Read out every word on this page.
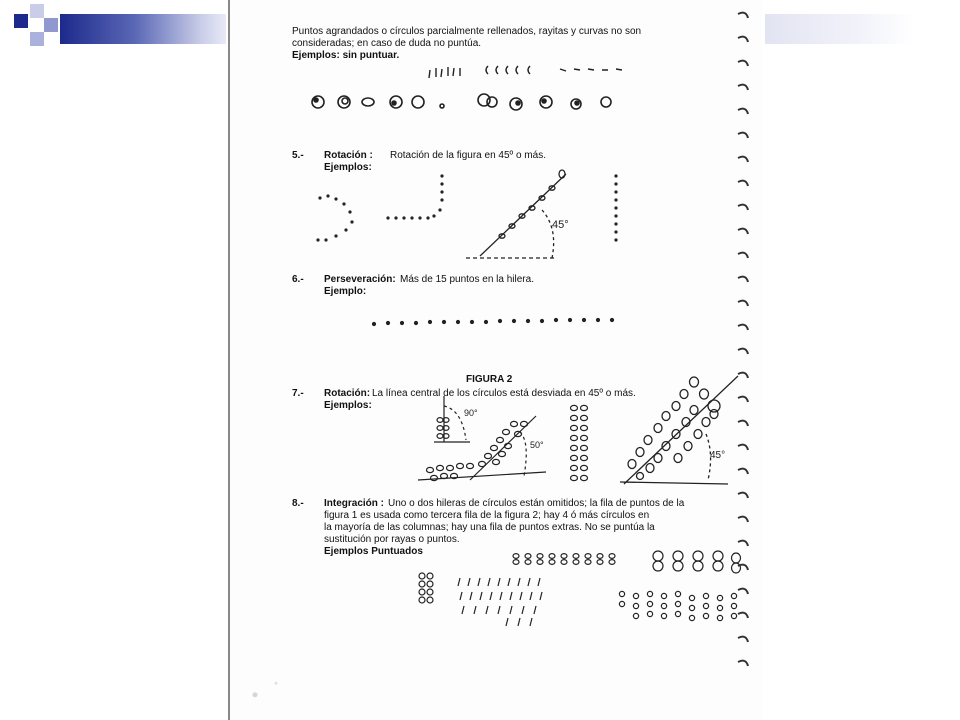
Puntos agrandados o círculos parcialmente rellenados, rayitas y curvas no son
consideradas; en caso de duda no puntúa.
Ejemplos: sin puntuar.
5.- Rotación : Rotación de la figura en 45º o más.
Ejemplos:
45°
6.- Perseveración: Más de 15 puntos en la hilera.
Ejemplo:
FIGURA 2
7.- Rotación: La línea central de los círculos está desviada en 45º o más.
Ejemplos:
90°
50°
45°
8.- Integración : Uno o dos hileras de círculos están omitidos; la fila de puntos de la
figura 1 es usada como tercera fila de la figura 2; hay 4 ó más círculos en
la mayoría de las columnas; hay una fila de puntos extras. No se puntúa la
sustitución por rayas o puntos.
Ejemplos Puntuados
